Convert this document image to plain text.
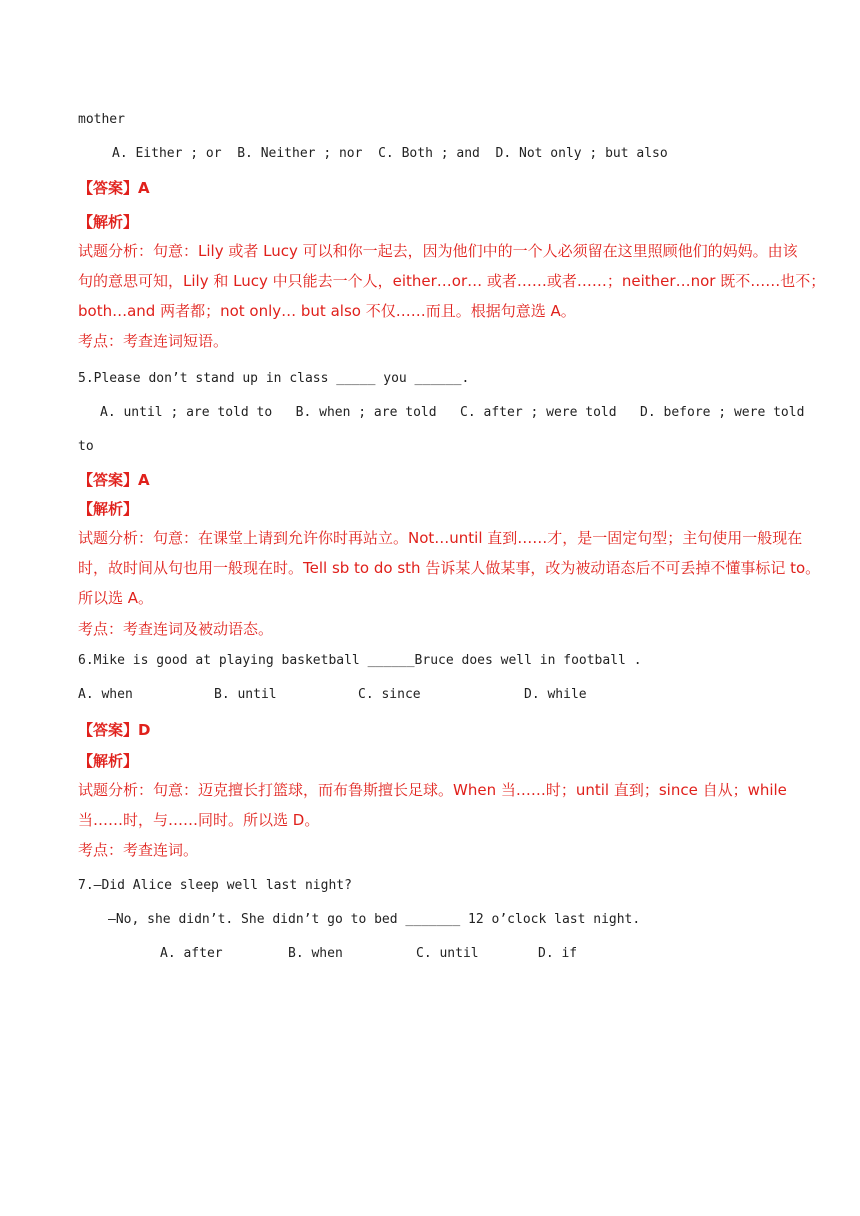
mother
A. Either ; or  B. Neither ; nor  C. Both ; and  D. Not only ; but also
【答案】A
【解析】
试题分析：句意：Lily 或者 Lucy 可以和你一起去，因为他们中的一个人必须留在这里照顾他们的妈妈。由该
句的意思可知，Lily 和 Lucy 中只能去一个人，either…or… 或者……或者……；neither…nor 既不……也不；
both…and 两者都；not only… but also 不仅……而且。根据句意选 A。
考点：考查连词短语。
5.Please don’t stand up in class _____ you ______.
A. until ; are told to   B. when ; are told   C. after ; were told   D. before ; were told
to
【答案】A
【解析】
试题分析：句意：在课堂上请到允许你时再站立。Not…until 直到……才，是一固定句型；主句使用一般现在
时，故时间从句也用一般现在时。Tell sb to do sth 告诉某人做某事，改为被动语态后不可丢掉不懂事标记 to。
所以选 A。
考点：考查连词及被动语态。
6.Mike is good at playing basketball ______Bruce does well in football .
A. when	B. until	C. since	D. while
【答案】D
【解析】
试题分析：句意：迈克擅长打篮球，而布鲁斯擅长足球。When 当……时；until 直到；since 自从；while
当……时，与……同时。所以选 D。
考点：考查连词。
7.—Did Alice sleep well last night?
—No, she didn’t. She didn’t go to bed _______ 12 o’clock last night.
A. after	B. when	C. until	D. if
